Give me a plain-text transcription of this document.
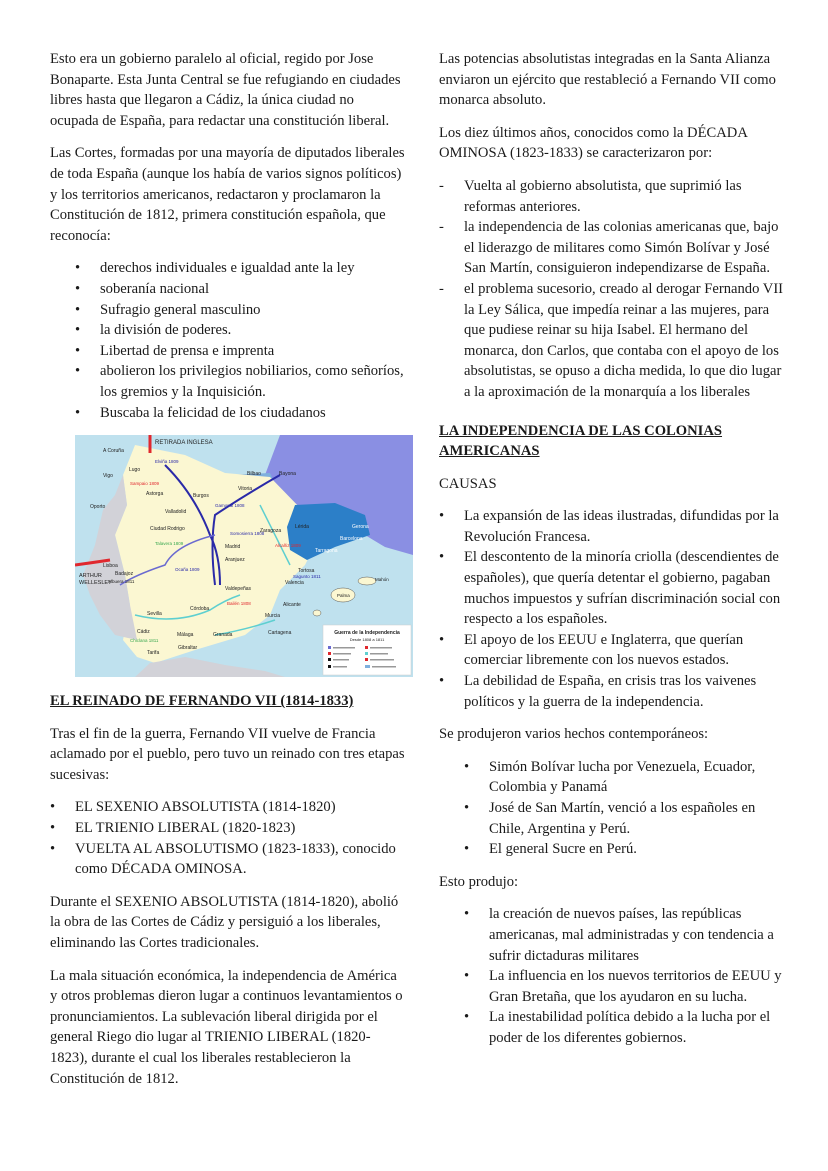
Esto era un gobierno paralelo al oficial, regido por Jose Bonaparte. Esta Junta Central se fue refugiando en ciudades libres hasta que llegaron a Cádiz, la única ciudad no ocupada de España, para redactar una constitución liberal.

Las Cortes, formadas por una mayoría de diputados liberales de toda España (aunque los había de varios signos políticos) y los territorios americanos, redactaron y proclamaron la Constitución de 1812, primera constitución española, que reconocía:

• derechos individuales e igualdad ante la ley
• soberanía nacional
• Sufragio general masculino
• la división de poderes.
• Libertad de prensa e imprenta
• abolieron los privilegios nobiliarios, como señoríos, los gremios y la Inquisición.
• Buscaba la felicidad de los ciudadanos
RETIRADA INGLESA
A Coruña
Vigo
Lugo
Astorga
Oporto
Bilbao	Bayona
Vitoria
Burgos
Valladolid
Ciudad Rodrigo	Zaragoza
Lérida	Gerona
Barcelona
Tarragona
Tortosa
Madrid
Aranjuez
Badajoz
ARTHUR
WELLESLEY
Lisboa
Valdepeñas
Valencia
Sevilla
Córdoba
Granada
Málaga
Cádiz
Tarifa
Gibraltar
Murcia
Cartagena
Alicante
Palma
Mahón
Bailén 1808
Ocaña 1809
Somosierra 1808
Gamonal 1808
Talavera 1809	Alcañiz 1809
Sagunto 1811
Albuera 1811
Chiclana 1811
Elviña 1809
Sampaio 1809
Guerra de la Independencia
Desde 1808 a 1811
EL REINADO DE FERNANDO VII (1814-1833)

Tras el fin de la guerra, Fernando VII vuelve de Francia aclamado por el pueblo, pero tuvo un reinado con tres etapas sucesivas:

• EL SEXENIO ABSOLUTISTA (1814-1820)
• EL TRIENIO LIBERAL (1820-1823)
• VUELTA AL ABSOLUTISMO (1823-1833), conocido como DÉCADA OMINOSA.

Durante el SEXENIO ABSOLUTISTA (1814-1820), abolió la obra de las Cortes de Cádiz y persiguió a los liberales, eliminando las Cortes tradicionales.

La mala situación económica, la independencia de América y otros problemas dieron lugar a continuos levantamientos o pronunciamientos. La sublevación liberal dirigida por el general Riego dio lugar al TRIENIO LIBERAL (1820-1823), durante el cual los liberales restablecieron la Constitución de 1812.

Las potencias absolutistas integradas en la Santa Alianza enviaron un ejército que restableció a Fernando VII como monarca absoluto.

Los diez últimos años, conocidos como la DÉCADA OMINOSA (1823-1833) se caracterizaron por:

- Vuelta al gobierno absolutista, que suprimió las reformas anteriores.
- la independencia de las colonias americanas que, bajo el liderazgo de militares como Simón Bolívar y José San Martín, consiguieron independizarse de España.
- el problema sucesorio, creado al derogar Fernando VII la Ley Sálica, que impedía reinar a las mujeres, para que pudiese reinar su hija Isabel. El hermano del monarca, don Carlos, que contaba con el apoyo de los absolutistas, se opuso a dicha medida, lo que dio lugar a la aproximación de la monarquía a los liberales
LA INDEPENDENCIA DE LAS COLONIAS AMERICANAS

CAUSAS

• La expansión de las ideas ilustradas, difundidas por la Revolución Francesa.
• El descontento de la minoría criolla (descendientes de españoles), que quería detentar el gobierno, pagaban muchos impuestos y sufrían discriminación social con respecto a los españoles.
• El apoyo de los EEUU e Inglaterra, que querían comerciar libremente con los nuevos estados.
• La debilidad de España, en crisis tras los vaivenes políticos y la guerra de la independencia.

Se produjeron varios hechos contemporáneos:

• Simón Bolívar lucha por Venezuela, Ecuador, Colombia y Panamá
• José de San Martín, venció a los españoles en Chile, Argentina y Perú.
• El general Sucre en Perú.

Esto produjo:

• la creación de nuevos países, las repúblicas americanas, mal administradas y con tendencia a sufrir dictaduras militares
• La influencia en los nuevos territorios de EEUU y Gran Bretaña, que los ayudaron en su lucha.
• La inestabilidad política debido a la lucha por el poder de los diferentes gobiernos.
